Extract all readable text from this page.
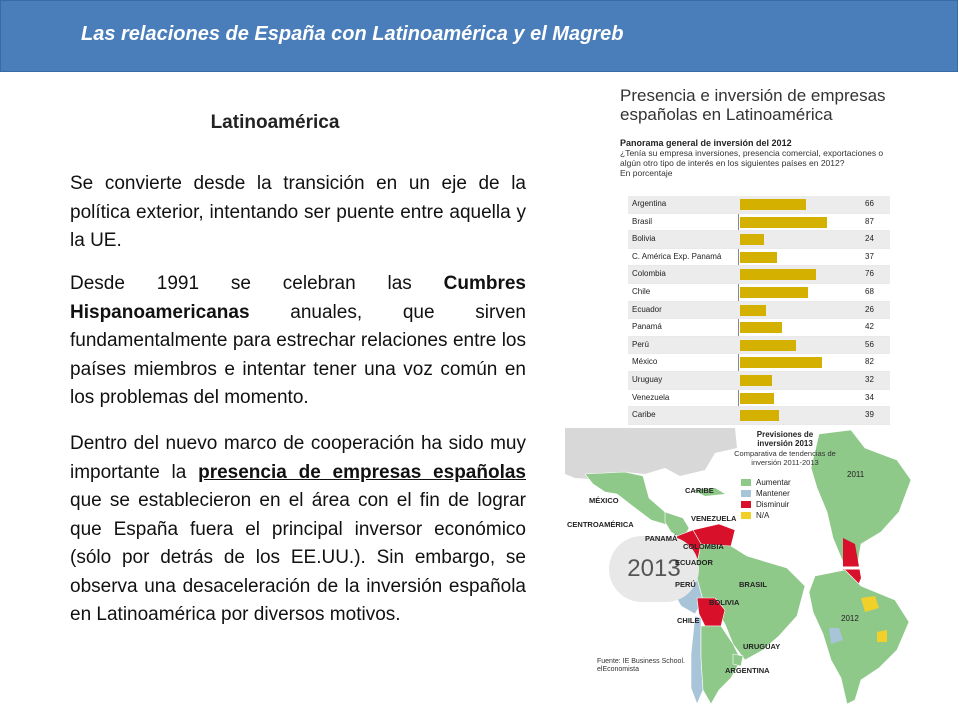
Las relaciones de España con Latinoamérica y el Magreb
Latinoamérica
Se convierte desde la transición en un eje de la política exterior, intentando ser puente entre aquella y la UE.
Desde 1991 se celebran las Cumbres Hispanoamericanas anuales, que sirven fundamentalmente para estrechar relaciones entre los países miembros e intentar tener una voz común en los problemas del momento.
Dentro del nuevo marco de cooperación ha sido muy importante la presencia de empresas españolas que se establecieron en el área con el fin de lograr que España fuera el principal inversor económico (sólo por detrás de los EE.UU.). Sin embargo, se observa una desaceleración de la inversión española en Latinoamérica por diversos motivos.
Presencia e inversión de empresas españolas en Latinoamérica
Panorama general de inversión del 2012
¿Tenía su empresa inversiones, presencia comercial, exportaciones o algún otro tipo de interés en los siguientes países en 2012?
En porcentaje
Argentina	66
Brasil	87
Bolivia	24
C. América Exp. Panamá	37
Colombia	76
Chile	68
Ecuador	26
Panamá	42
Perú	56
México	82
Uruguay	32
Venezuela	34
Caribe	39
Previsiones de inversión 2013
Comparativa de tendencias de inversión 2011-2013
Aumentar
Mantener
Disminuir
N/A
2013
2011
2012
MÉXICO
CARIBE
CENTROAMÉRICA
VENEZUELA
PANAMÁ
COLOMBIA
ECUADOR
PERÚ	BRASIL
BOLIVIA
CHILE
URUGUAY
ARGENTINA
Fuente: IE Business School. elEconomista
